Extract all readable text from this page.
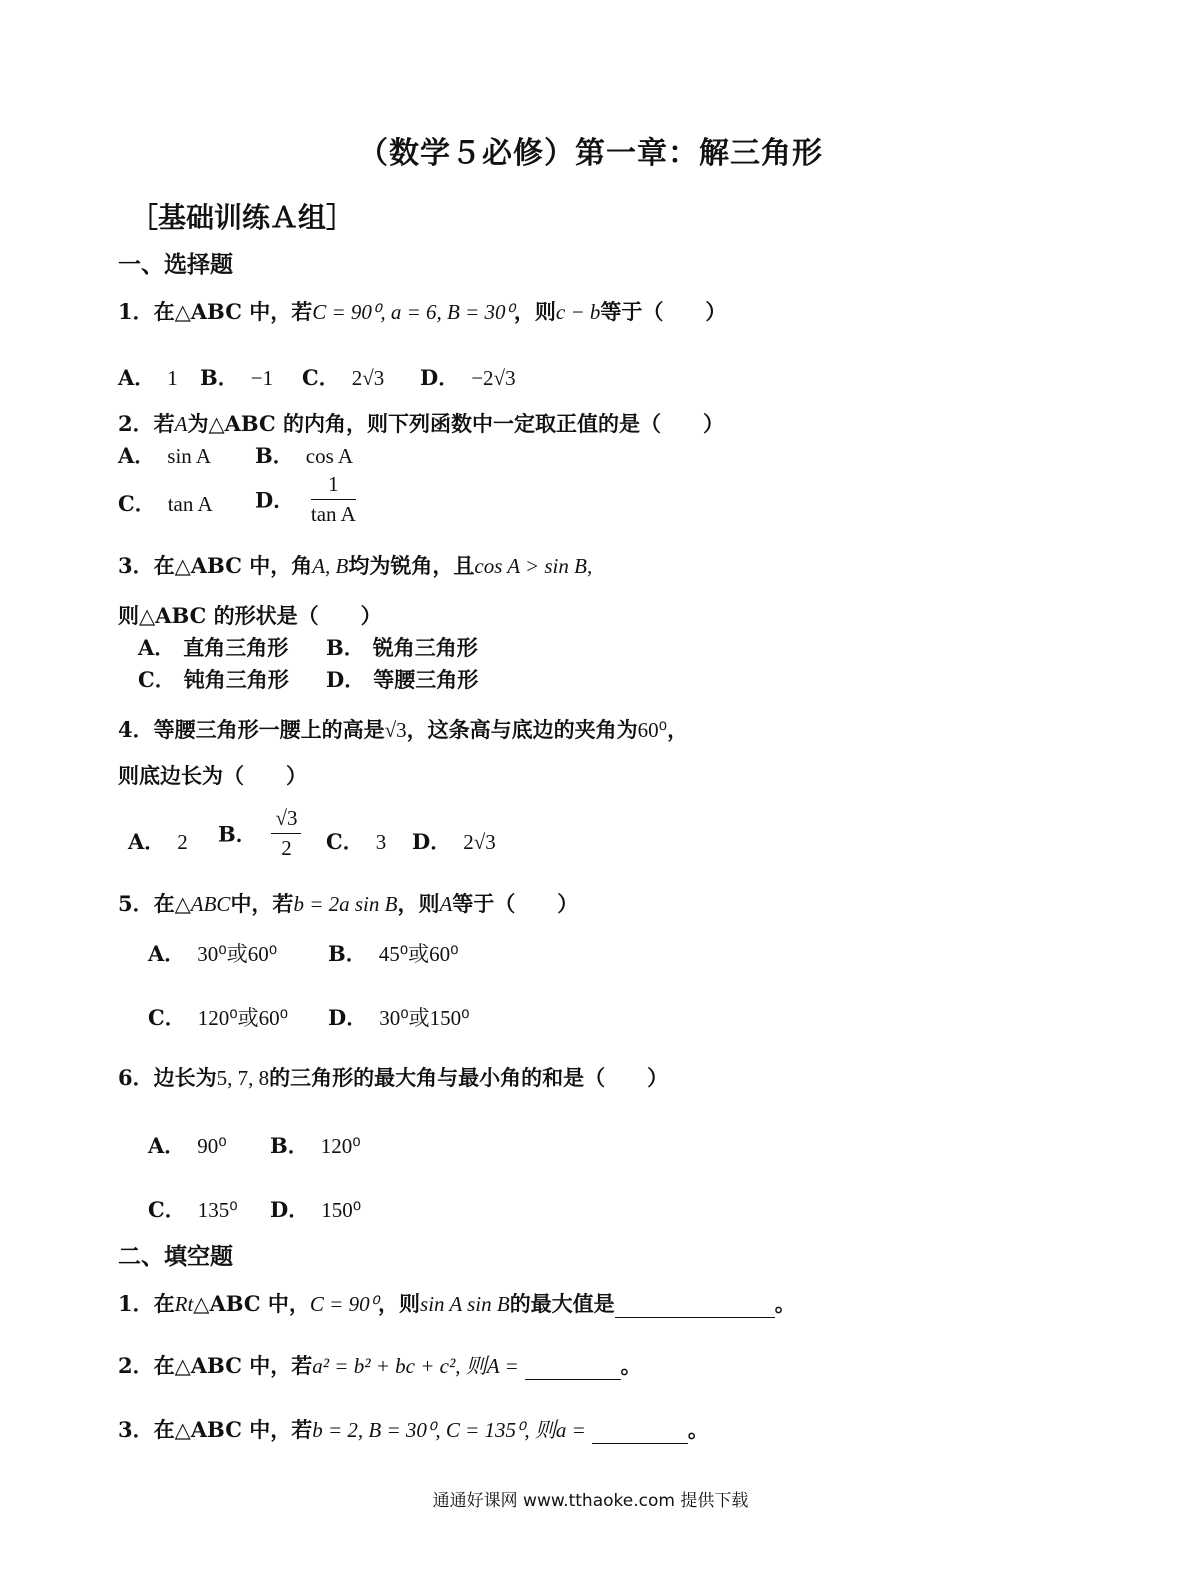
（数学５必修）第一章：解三角形
［基础训练Ａ组］
一、选择题
1．在△ABC 中，若C = 90⁰, a = 6, B = 30⁰，则c − b等于（　　）
A． 1 B． −1 C． 2√3 D． −2√3
2．若A为△ABC 的内角，则下列函数中一定取正值的是（　　）
A． sin A B． cos A
C． tan A D． $\frac{1}{\text{tan A}}$
3．在△ABC 中，角A, B均为锐角，且cos A > sin B,
则△ABC 的形状是（　　）
A． 直角三角形 B． 锐角三角形
C． 钝角三角形 D． 等腰三角形
4．等腰三角形一腰上的高是√3，这条高与底边的夹角为60⁰，
则底边长为（　　）
A． 2 B． $\frac{√3}{2}$ C． 3 D． 2√3
5．在△ABC中，若b = 2a sin B，则A等于（　　）
A． 30⁰或60⁰ B． 45⁰或60⁰
C． 120⁰或60⁰ D． 30⁰或150⁰
6．边长为5, 7, 8的三角形的最大角与最小角的和是（　　）
A． 90⁰ B． 120⁰
C． 135⁰ D． 150⁰
二、填空题
1．在Rt△ABC 中，C = 90⁰，则sin A sin B的最大值是	。
2．在△ABC 中，若a² = b² + bc + c², 则A =	。
3．在△ABC 中，若b = 2, B = 30⁰, C = 135⁰, 则a =	。
通通好课网 www.tthaoke.com 提供下载
